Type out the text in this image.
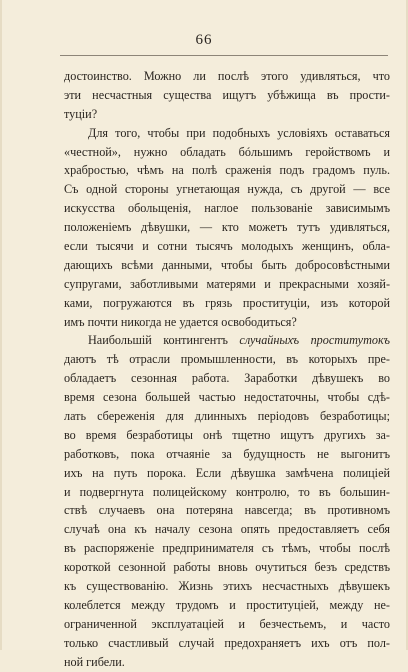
66
достоинство. Можно ли послѣ этого удивляться, что
эти несчастныя существа ищутъ убѣжища въ прости-
туціи?
Для того, чтобы при подобныхъ условіяхъ оставаться
«честной», нужно обладать бóльшимъ геройствомъ и
храбростью, чѣмъ на полѣ сраженія подъ градомъ пуль.
Съ одной стороны угнетающая нужда, съ другой — все
искусства обольщенія, наглое пользованіе зависимымъ
положеніемъ дѣвушки, — кто можетъ тутъ удивляться,
если тысячи и сотни тысячъ молодыхъ женщинъ, обла-
дающихъ всѣми данными, чтобы быть добросовѣстными
супругами, заботливыми матерями и прекрасными хозяй-
ками, погружаются въ грязь проституціи, изъ которой
имъ почти никогда не удается освободиться?
Наибольшій контингентъ случайныхъ проститутокъ
даютъ тѣ отрасли промышленности, въ которыхъ пре-
обладаетъ сезонная работа. Заработки дѣвушекъ во
время сезона большей частью недостаточны, чтобы сдѣ-
лать сбереженія для длинныхъ періодовъ безработицы;
во время безработицы онѣ тщетно ищутъ другихъ за-
работковъ, пока отчаяніе за будущность не выгонитъ
ихъ на путь порока. Если дѣвушка замѣчена полиціей
и подвергнута полицейскому контролю, то въ большин-
ствѣ случаевъ она потеряна навсегда; въ противномъ
случаѣ она къ началу сезона опять предоставляетъ себя
въ распоряженіе предпринимателя съ тѣмъ, чтобы послѣ
короткой сезонной работы вновь очутиться безъ средствъ
къ существованію. Жизнь этихъ несчастныхъ дѣвушекъ
колеблется между трудомъ и проституціей, между не-
ограниченной эксплуатаціей и безчестьемъ, и часто
только счастливый случай предохраняетъ ихъ отъ пол-
ной гибели.
